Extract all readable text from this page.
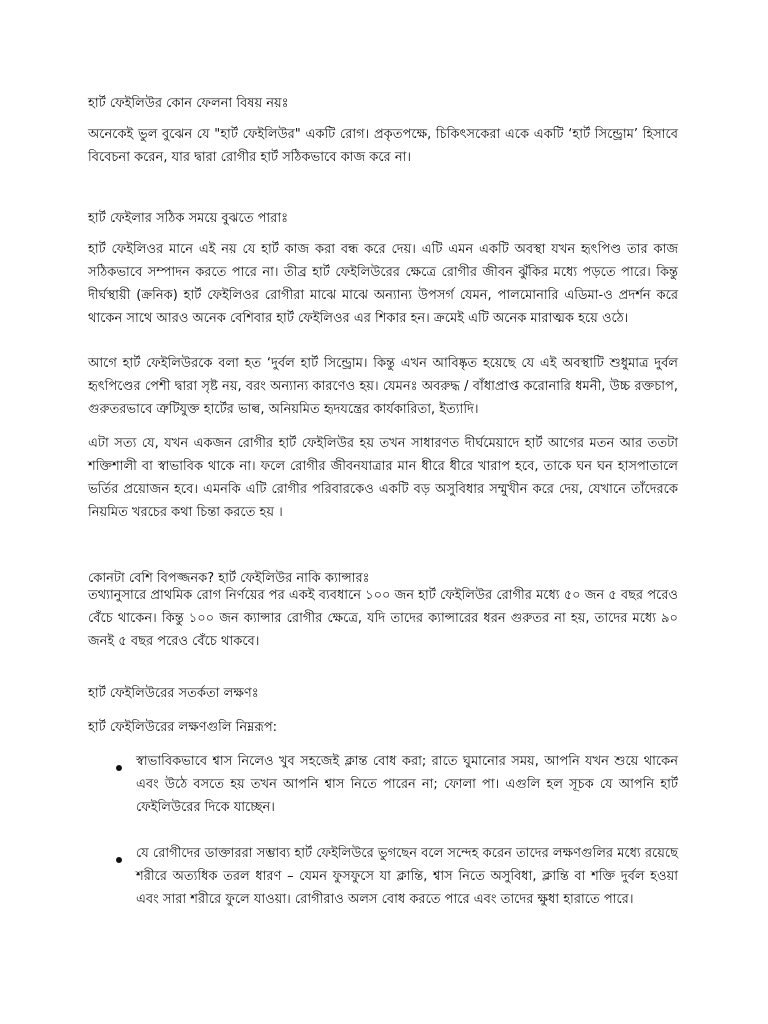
হার্ট ফেইলিউর কোন ফেলনা বিষয় নয়ঃ

অনেকেই ভুল বুঝেন যে "হার্ট ফেইলিউর" একটি রোগ। প্রকৃতপক্ষে, চিকিৎসকেরা একে একটি ‘হার্ট সিন্ড্রোম’ হিসাবে বিবেচনা করেন, যার দ্বারা রোগীর হার্ট সঠিকভাবে কাজ করে না।

হার্ট ফেইলার সঠিক সময়ে বুঝতে পারাঃ

হার্ট ফেইলিওর মানে এই নয় যে হার্ট কাজ করা বন্ধ করে দেয়। এটি এমন একটি অবস্থা যখন হৃৎপিণ্ড তার কাজ সঠিকভাবে সম্পাদন করতে পারে না। তীব্র হার্ট ফেইলিউরের ক্ষেত্রে রোগীর জীবন ঝুঁকির মধ্যে পড়তে পারে। কিন্তু দীর্ঘস্থায়ী (ক্রনিক) হার্ট ফেইলিওর রোগীরা মাঝে মাঝে অন্যান্য উপসর্গ যেমন, পালমোনারি এডিমা-ও প্রদর্শন করে থাকেন সাথে আরও অনেক বেশিবার হার্ট ফেইলিওর এর শিকার হন। ক্রমেই এটি অনেক মারাত্মক হয়ে ওঠে।

আগে হার্ট ফেইলিউরকে বলা হত ‘দুর্বল হার্ট সিন্ড্রোম। কিন্তু এখন আবিষ্কৃত হয়েছে যে এই অবস্থাটি শুধুমাত্র দুর্বল হৃৎপিণ্ডের পেশী দ্বারা সৃষ্ট নয়, বরং অন্যান্য কারণেও হয়। যেমনঃ অবরুদ্ধ / বাঁধাপ্রাপ্ত করোনারি ধমনী, উচ্চ রক্তচাপ, গুরুতরভাবে ত্রুটিযুক্ত হার্টের ভাল্ব, অনিয়মিত হৃদযন্ত্রের কার্যকারিতা, ইত্যাদি।

এটা সত্য যে, যখন একজন রোগীর হার্ট ফেইলিউর হয় তখন সাধারণত দীর্ঘমেয়াদে হার্ট আগের মতন আর ততটা শক্তিশালী বা স্বাভাবিক থাকে না। ফলে রোগীর জীবনযাত্রার মান ধীরে ধীরে খারাপ হবে, তাকে ঘন ঘন হাসপাতালে ভর্তির প্রয়োজন হবে। এমনকি এটি রোগীর পরিবারকেও একটি বড় অসুবিধার সম্মুখীন করে দেয়, যেখানে তাঁদেরকে নিয়মিত খরচের কথা চিন্তা করতে হয় ।

কোনটা বেশি বিপজ্জনক? হার্ট ফেইলিউর নাকি ক্যান্সারঃ

তথ্যানুসারে প্রাথমিক রোগ নির্ণয়ের পর একই ব্যবধানে ১০০ জন হার্ট ফেইলিউর রোগীর মধ্যে ৫০ জন ৫ বছর পরেও বেঁচে থাকেন। কিন্তু ১০০ জন ক্যান্সার রোগীর ক্ষেত্রে, যদি তাদের ক্যান্সারের ধরন গুরুতর না হয়, তাদের মধ্যে ৯০ জনই ৫ বছর পরেও বেঁচে থাকবে।

হার্ট ফেইলিউরের সতর্কতা লক্ষণঃ

হার্ট ফেইলিউরের লক্ষণগুলি নিম্নরূপ:

স্বাভাবিকভাবে শ্বাস নিলেও খুব সহজেই ক্লান্ত বোধ করা; রাতে ঘুমানোর সময়, আপনি যখন শুয়ে থাকেন এবং উঠে বসতে হয় তখন আপনি শ্বাস নিতে পারেন না; ফোলা পা। এগুলি হল সূচক যে আপনি হার্ট ফেইলিউরের দিকে যাচ্ছেন।

যে রোগীদের ডাক্তাররা সম্ভাব্য হার্ট ফেইলিউরে ভুগছেন বলে সন্দেহ করেন তাদের লক্ষণগুলির মধ্যে রয়েছে শরীরে অত্যধিক তরল ধারণ – যেমন ফুসফুসে যা ক্লান্তি, শ্বাস নিতে অসুবিধা, ক্লান্তি বা শক্তি দুর্বল হওয়া এবং সারা শরীরে ফুলে যাওয়া। রোগীরাও অলস বোধ করতে পারে এবং তাদের ক্ষুধা হারাতে পারে।
